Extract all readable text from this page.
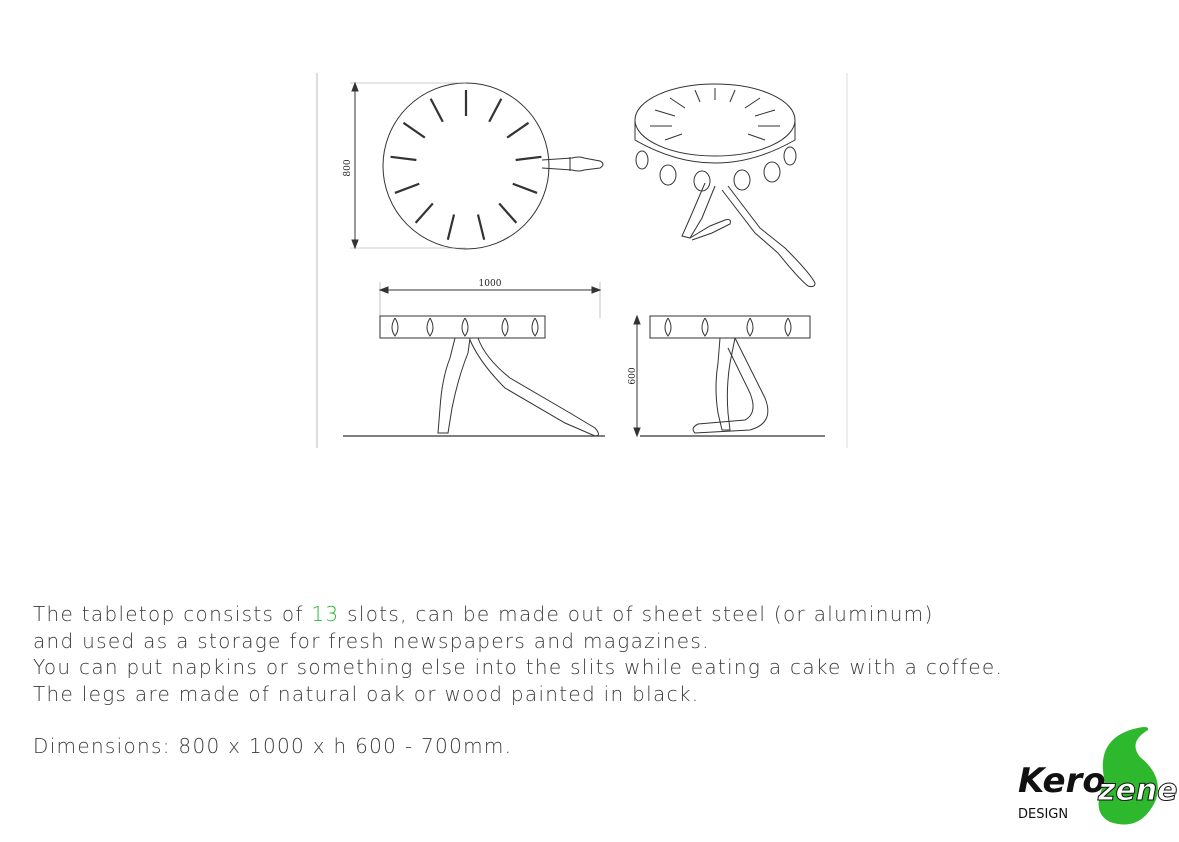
800
1000
600
The tabletop consists of 13 slots, can be made out of sheet steel (or aluminum)
and used as a storage for fresh newspapers and magazines.
You can put napkins or something else into the slits while eating a cake with a coffee.
The legs are made of natural oak or wood painted in black.
Dimensions: 800 x 1000 x h 600 - 700mm.
Kero
zene
DESIGN
